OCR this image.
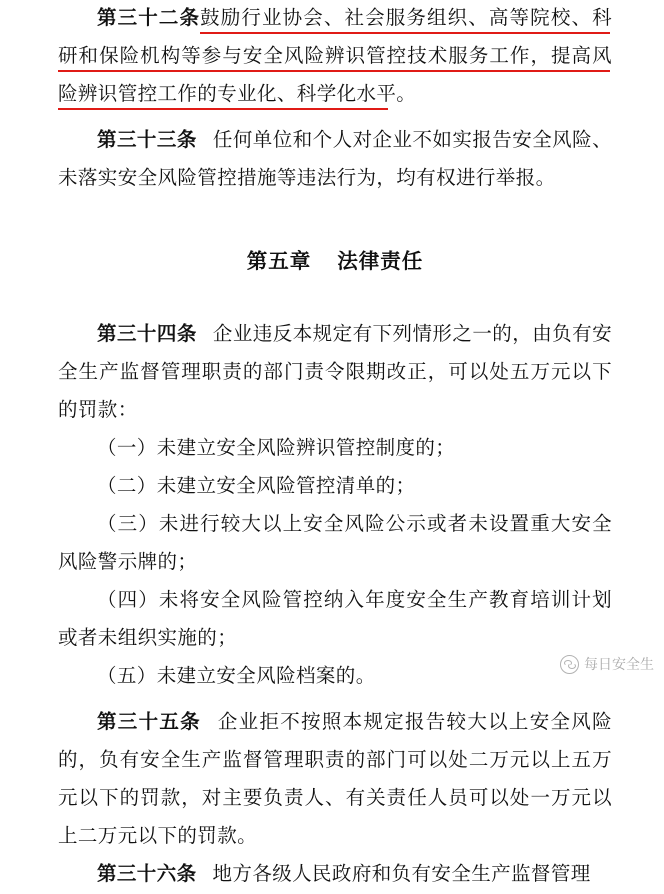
第三十二条鼓励行业协会、社会服务组织、高等院校、科研和保险机构等参与安全风险辨识管控技术服务工作，提高风险辨识管控工作的专业化、科学化水平。

第三十三条 任何单位和个人对企业不如实报告安全风险、未落实安全风险管控措施等违法行为，均有权进行举报。

第五章 法律责任

第三十四条 企业违反本规定有下列情形之一的，由负有安全生产监督管理职责的部门责令限期改正，可以处五万元以下的罚款：

（一）未建立安全风险辨识管控制度的；

（二）未建立安全风险管控清单的；

（三）未进行较大以上安全风险公示或者未设置重大安全风险警示牌的；

（四）未将安全风险管控纳入年度安全生产教育培训计划或者未组织实施的；

（五）未建立安全风险档案的。

第三十五条 企业拒不按照本规定报告较大以上安全风险的，负有安全生产监督管理职责的部门可以处二万元以上五万元以下的罚款，对主要负责人、有关责任人员可以处一万元以上二万元以下的罚款。

第三十六条 地方各级人民政府和负有安全生产监督管理

每日安全生
